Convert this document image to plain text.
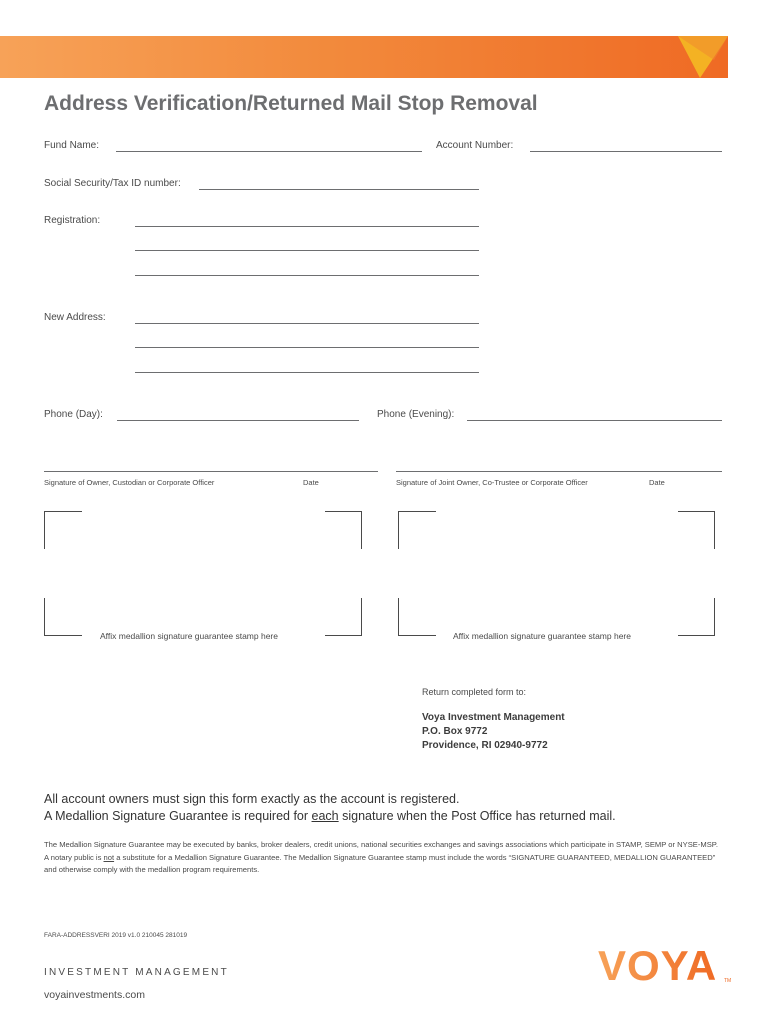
Address Verification/Returned Mail Stop Removal
Fund Name:	Account Number:
Social Security/Tax ID number:
Registration:
New Address:
Phone (Day):	Phone (Evening):
Signature of Owner, Custodian or Corporate Officer	Date	Signature of Joint Owner, Co-Trustee or Corporate Officer	Date
Affix medallion signature guarantee stamp here	Affix medallion signature guarantee stamp here
Return completed form to:
Voya Investment Management
P.O. Box 9772
Providence, RI 02940-9772
All account owners must sign this form exactly as the account is registered.
A Medallion Signature Guarantee is required for each signature when the Post Office has returned mail.
The Medallion Signature Guarantee may be executed by banks, broker dealers, credit unions, national securities exchanges and savings associations which participate in STAMP, SEMP or NYSE-MSP. A notary public is not a substitute for a Medallion Signature Guarantee. The Medallion Signature Guarantee stamp must include the words “SIGNATURE GUARANTEED, MEDALLION GUARANTEED” and otherwise comply with the medallion program requirements.
FARA-ADDRESSVERI 2019 v1.0 210045 281019
INVESTMENT MANAGEMENT
voyainvestments.com
VOYA TM
